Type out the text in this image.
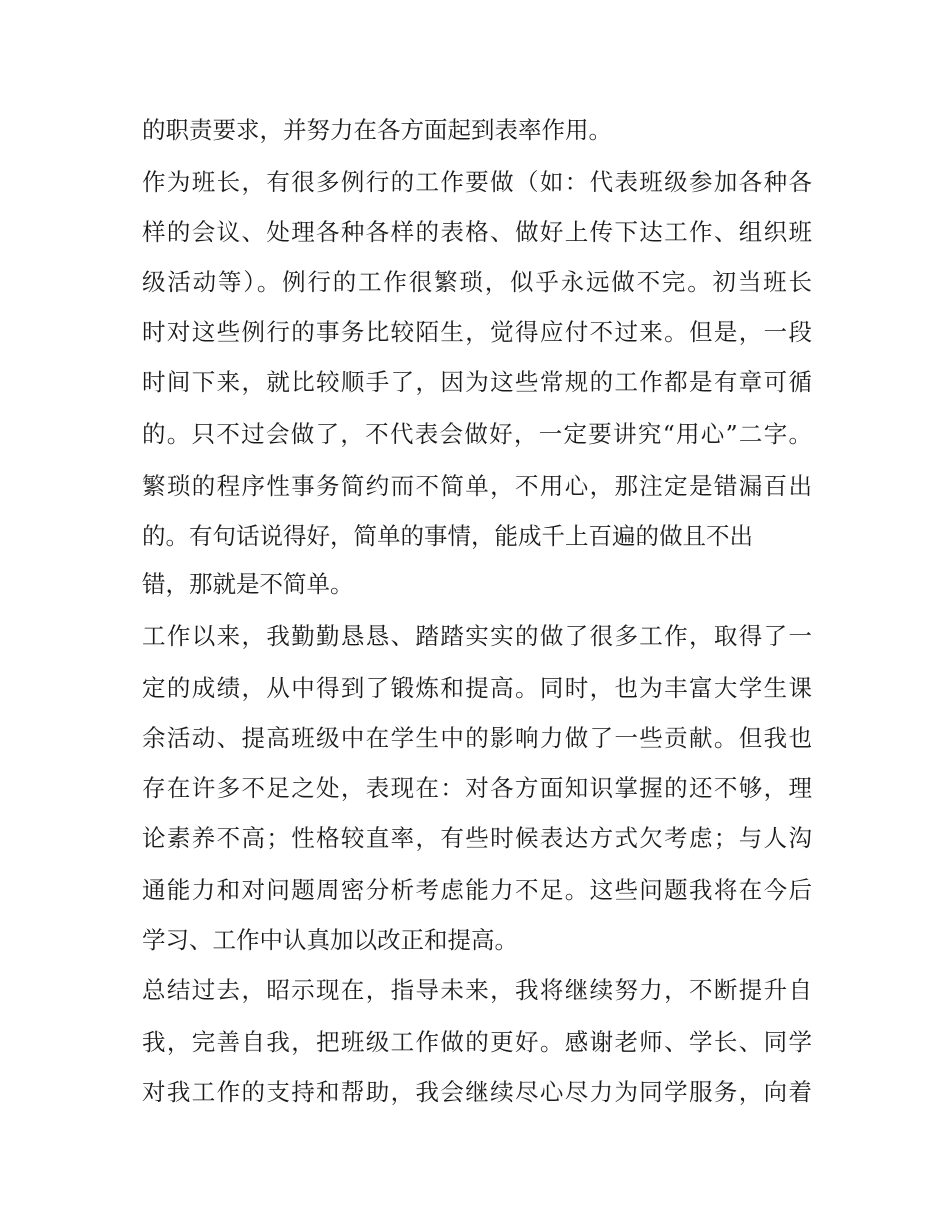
的职责要求，并努力在各方面起到表率作用。
作为班长，有很多例行的工作要做（如：代表班级参加各种各
样的会议、处理各种各样的表格、做好上传下达工作、组织班
级活动等）。例行的工作很繁琐，似乎永远做不完。初当班长
时对这些例行的事务比较陌生，觉得应付不过来。但是，一段
时间下来，就比较顺手了，因为这些常规的工作都是有章可循
的。只不过会做了，不代表会做好，一定要讲究“用心”二字。
繁琐的程序性事务简约而不简单，不用心，那注定是错漏百出
的。有句话说得好，简单的事情，能成千上百遍的做且不出
错，那就是不简单。
工作以来，我勤勤恳恳、踏踏实实的做了很多工作，取得了一
定的成绩，从中得到了锻炼和提高。同时，也为丰富大学生课
余活动、提高班级中在学生中的影响力做了一些贡献。但我也
存在许多不足之处，表现在：对各方面知识掌握的还不够，理
论素养不高；性格较直率，有些时候表达方式欠考虑；与人沟
通能力和对问题周密分析考虑能力不足。这些问题我将在今后
学习、工作中认真加以改正和提高。
总结过去，昭示现在，指导未来，我将继续努力，不断提升自
我，完善自我，把班级工作做的更好。感谢老师、学长、同学
对我工作的支持和帮助，我会继续尽心尽力为同学服务，向着
